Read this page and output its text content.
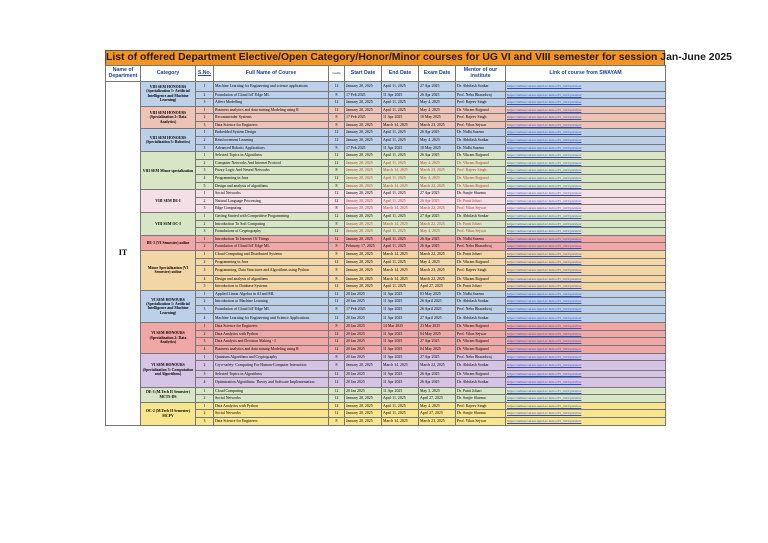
List of offered Department Elective/Open Category/Honor/Minor courses for UG VI and VIII semester for session Jan-June 2025
Name of Department	Category	S.No.	Full Name of Course	Credits	Start Date	End Date	Exam Date	Mentor of our institute	Link of course from SWAYAM
IT	VIII SEM HONOURS (Specialization 1: Artificial Intelligence and Machine Learning)	1	Machine Learning for Engineering and science applications	12	January 20, 2025	April 11, 2025	27 Apr 2025	Dr. Abhilash Sonkar	https://onlinecourses.nptel.ac.in/noc25_cs01/preview
		2	Foundation of Cloud IoT Edge ML	8	17 Feb 2025	11 Apr 2025	26 Apr 2025	Prof. Neha Bharadwaj	https://onlinecourses.nptel.ac.in/noc25_cs01/preview
		3	Affect Modelling	12	January 20, 2025	April 11, 2025	May 4, 2025	Prof. Rajeev Singh	https://onlinecourses.nptel.ac.in/noc25_cs01/preview
	VIII SEM HONOURS (Specialization 2: Data Analytics)	1	Business analytics and data mining Modeling using R	12	January 20, 2025	April 11, 2025	May 4, 2025	Dr. Vikram Rajpurol	https://onlinecourses.nptel.ac.in/noc25_cs01/preview
		2	Recommender Systems	8	17 Feb 2025	11 Apr 2025	10 May 2025	Prof. Rajeev Singh	https://onlinecourses.nptel.ac.in/noc25_cs01/preview
		3	Data Science for Engineers	8	January 20, 2025	March 14, 2025	March 23, 2025	Prof. Vikas Sejwar	https://onlinecourses.nptel.ac.in/noc25_cs01/preview
	VIII SEM HONOURS (Specialization 3: Robotics)	1	Embedded System Design	12	January 20, 2025	April 11, 2025	26 Apr 2025	Dr. Nidhi Saxena	https://onlinecourses.nptel.ac.in/noc25_cs01/preview
		2	Reinforcement Learning	12	January 20, 2025	April 11, 2025	May 4, 2025	Dr. Abhilash Sonkar	https://onlinecourses.nptel.ac.in/noc25_cs01/preview
		3	Advanced Robotic Applications	8	17 Feb 2025	11 Apr 2025	10 May 2025	Dr. Nidhi Saxena	https://onlinecourses.nptel.ac.in/noc25_cs01/preview
	VIII SEM Minor specialization	1	Selected Topics in Algorithms	12	January 20, 2025	April 11, 2025	26 Apr 2025	Dr. Vikram Rajpurol	https://onlinecourses.nptel.ac.in/noc25_cs01/preview
		2	Computer Networks And Internet Protocol	12	January 20, 2025	April 11, 2025	May 4, 2025	Dr. Vikram Rajpurol	https://onlinecourses.nptel.ac.in/noc25_cs01/preview
		3	Fuzzy Logic And Neural Networks	8	January 20, 2025	March 14, 2025	March 23, 2025	Prof. Rajeev Singh	https://onlinecourses.nptel.ac.in/noc25_cs01/preview
		4	Programming in Java	12	January 20, 2025	April 11, 2025	May 4, 2025	Dr. Vikram Rajpurol	https://onlinecourses.nptel.ac.in/noc25_cs01/preview
		5	Design and analysis of algorithms	8	January 20, 2025	March 14, 2025	March 22, 2025	Dr. Vikram Rajpurol	https://onlinecourses.nptel.ac.in/noc25_cs01/preview
	VIII SEM DE-I	1	Social Networks	12	January 20, 2025	April 11, 2025	27 Apr 2025	Dr. Sanjiv Sharma	https://onlinecourses.nptel.ac.in/noc25_cs01/preview
		2	Natural Language Processing	12	January 20, 2025	April 11, 2025	26 Apr 2025	Dr. Punit Johari	https://onlinecourses.nptel.ac.in/noc25_cs01/preview
		3	Edge Computing	8	January 20, 2025	March 14, 2025	March 22, 2025	Prof. Vikas Sejwar	https://onlinecourses.nptel.ac.in/noc25_cs01/preview
	VIII SEM OC-I	1	Getting Started with Competitive Programming	12	January 20, 2025	April 11, 2025	27 Apr 2025	Dr. Abhilash Sonkar	https://onlinecourses.nptel.ac.in/noc25_cs01/preview
		2	Introduction To Soft Computing	8	January 20, 2025	March 14, 2025	March 22, 2025	Dr. Punit Johari	https://onlinecourses.nptel.ac.in/noc25_cs01/preview
		3	Foundations of Cryptography	12	January 20, 2025	April 11, 2025	May 4, 2025	Prof. Vikas Sejwar	https://onlinecourses.nptel.ac.in/noc25_cs01/preview
	DE-3 (VI Semester) online	1	Introduction To Internet Of Things	12	January 20, 2025	April 11, 2025	26 Apr 2025	Dr. Nidhi Saxena	https://onlinecourses.nptel.ac.in/noc25_cs01/preview
		2	Foundation of Cloud IoT Edge ML	8	February 17, 2025	April 11, 2025	26 Apr 2025	Prof. Neha Bharadwaj	https://onlinecourses.nptel.ac.in/noc25_cs01/preview
	Minor Specialization (VI Semester) online	1	Cloud Computing and Distributed Systems	8	January 20, 2025	March 14, 2025	March 22, 2025	Dr. Punit Johari	https://onlinecourses.nptel.ac.in/noc25_cs01/preview
		2	Programming in Java	12	January 20, 2025	April 11, 2025	May 4, 2025	Dr. Vikram Rajpurol	https://onlinecourses.nptel.ac.in/noc25_cs01/preview
		3	Programming, Data Structures and Algorithms using Python	8	January 20, 2025	March 14, 2025	March 23, 2025	Prof. Rajeev Singh	https://onlinecourses.nptel.ac.in/noc25_cs01/preview
		4	Design and analysis of algorithms	8	January 20, 2025	March 14, 2025	March 22, 2025	Dr. Vikram Rajpurol	https://onlinecourses.nptel.ac.in/noc25_cs01/preview
		5	Introduction to Database Systems	12	January 20, 2025	April 11, 2025	April 27, 2025	Dr. Punit Johari	https://onlinecourses.nptel.ac.in/noc25_cs01/preview
	VI SEM HONOURS (Specialization 1: Artificial Intelligence and Machine Learning)	1	Applied Linear Algebra in AI and ML	12	20 Jan 2025	11 Apr 2025	03 May 2025	Dr. Nidhi Saxena	https://onlinecourses.nptel.ac.in/noc25_cs01/preview
		2	Introduction to Machine Learning	12	20 Jan 2025	11 Apr 2025	26 April 2025	Dr. Abhilash Sonkar	https://onlinecourses.nptel.ac.in/noc25_cs01/preview
		3	Foundation of Cloud IoT Edge ML	8	17 Feb 2025	11 Apr 2025	26 April 2025	Prof. Neha Bharadwaj	https://onlinecourses.nptel.ac.in/noc25_cs01/preview
		4	Machine Learning for Engineering and Science Applications	12	20 Jan 2025	11 Apr 2025	27 April 2025	Dr. Abhilash Sonkar	https://onlinecourses.nptel.ac.in/noc25_cs01/preview
	VI SEM HONOURS (Specialization 2: Data Analytics)	1	Data Science for Engineers	8	20 Jan 2025	14 Mar 2025	23 Mar 2025	Dr. Vikram Rajpurol	https://onlinecourses.nptel.ac.in/noc25_cs01/preview
		2	Data Analytics with Python	12	20 Jan 2025	11 Apr 2025	04 May 2025	Prof. Vikas Sejwar	https://onlinecourses.nptel.ac.in/noc25_cs01/preview
		3	Data Analysis and Decision Making - I	12	20 Jan 2025	11 Apr 2025	27 Apr 2025	Dr. Vikram Rajpurol	https://onlinecourses.nptel.ac.in/noc25_cs01/preview
		4	Business analytics and data mining Modeling using R	12	20 Jan 2025	11 Apr 2025	04 May 2025	Dr. Vikram Rajpurol	https://onlinecourses.nptel.ac.in/noc25_cs01/preview
	VI SEM HONOURS (Specialization 3: Computation and Algorithms)	1	Quantum Algorithms and Cryptography	8	20 Jan 2025	11 Apr 2025	27 Apr 2025	Prof. Neha Bharadwaj	https://onlinecourses.nptel.ac.in/noc25_cs01/preview
		2	Cryo-safety: Computing For Human-Computer Interaction	8	January 20, 2025	March 14, 2025	March 22, 2025	Dr. Abhilash Sonkar	https://onlinecourses.nptel.ac.in/noc25_cs01/preview
		3	Selected Topics in Algorithms	12	20 Jan 2025	11 Apr 2025	26 Apr 2025	Dr. Vikram Rajpurol	https://onlinecourses.nptel.ac.in/noc25_cs01/preview
		4	Optimization Algorithms: Theory and Software Implementation	12	20 Jan 2025	11 Apr 2025	26 Apr 2025	Dr. Abhilash Sonkar	https://onlinecourses.nptel.ac.in/noc25_cs01/preview
	DE-3 (M.Tech II Semester) MCTS-DS	1	Cloud Computing	12	20 Jan 2025	11 Apr 2025	May 3, 2025	Dr. Punit Johari	https://onlinecourses.nptel.ac.in/noc25_cs01/preview
		2	Social Networks	12	January 20, 2025	April 11, 2025	April 27, 2025	Dr. Sanjiv Sharma	https://onlinecourses.nptel.ac.in/noc25_cs01/preview
	OC-2 (M.Tech II Semester) MCPV	1	Data Analytics with Python	12	January 20, 2025	April 11, 2025	May 4, 2025	Prof. Rajeev Singh	https://onlinecourses.nptel.ac.in/noc25_cs01/preview
		2	Social Networks	12	January 20, 2025	April 11, 2025	April 27, 2025	Dr. Sanjiv Sharma	https://onlinecourses.nptel.ac.in/noc25_cs01/preview
		3	Data Science for Engineers	8	January 20, 2025	March 14, 2025	March 23, 2025	Prof. Vikas Sejwar	https://onlinecourses.nptel.ac.in/noc25_cs01/preview
